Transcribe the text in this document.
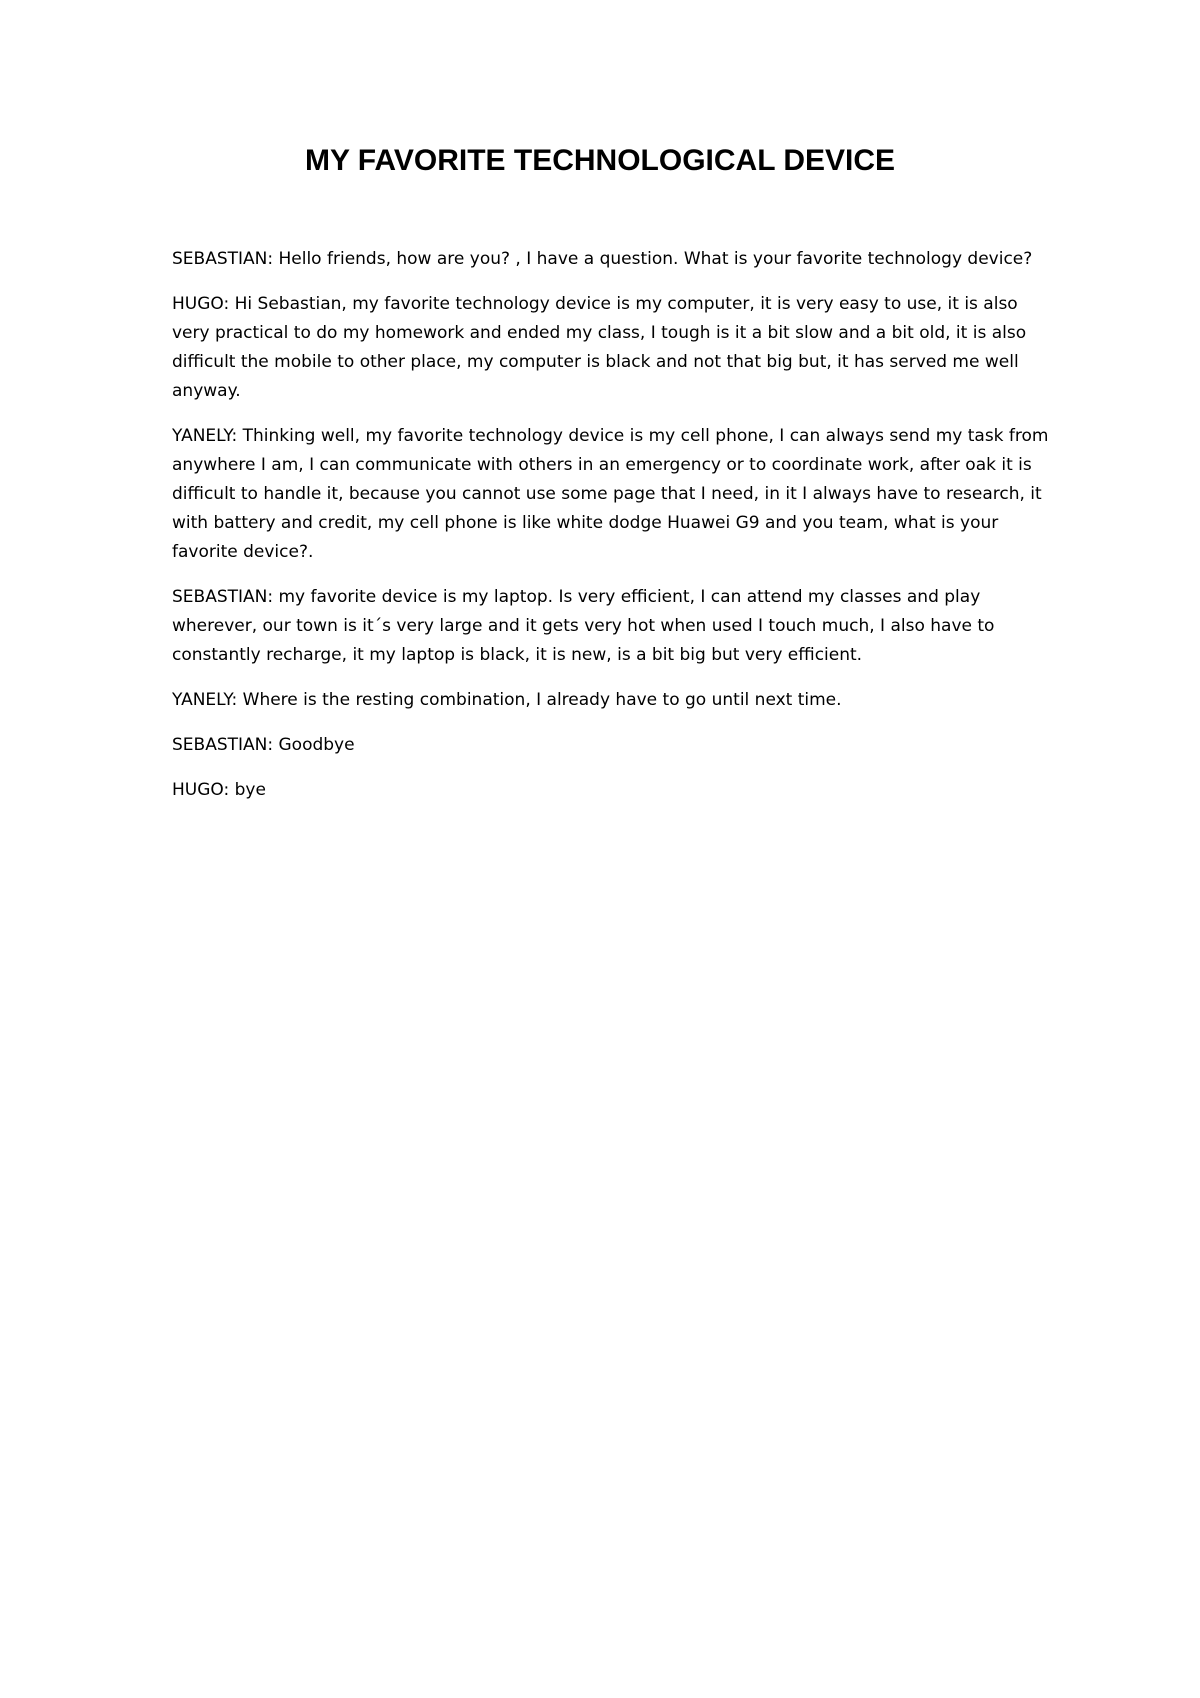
MY FAVORITE TECHNOLOGICAL DEVICE

SEBASTIAN: Hello friends, how are you? , I have a question. What is your favorite technology device?

HUGO: Hi Sebastian, my favorite technology device is my computer, it is very easy to use, it is also very practical to do my homework and ended my class, I tough is it a bit slow and a bit old, it is also difficult the mobile to other place, my computer is black and not that big but, it has served me well anyway.

YANELY: Thinking well, my favorite technology device is my cell phone, I can always send my task from anywhere I am, I can communicate with others in an emergency or to coordinate work, after oak it is difficult to handle it, because you cannot use some page that I need, in it I always have to research, it with battery and credit, my cell phone is like white dodge Huawei G9 and you team, what is your favorite device?.

SEBASTIAN: my favorite device is my laptop. Is very efficient, I can attend my classes and play wherever, our town is it´s very large and it gets very hot when used I touch much, I also have to constantly recharge, it my laptop is black, it is new, is a bit big but very efficient.

YANELY: Where is the resting combination, I already have to go until next time.

SEBASTIAN: Goodbye

HUGO: bye
